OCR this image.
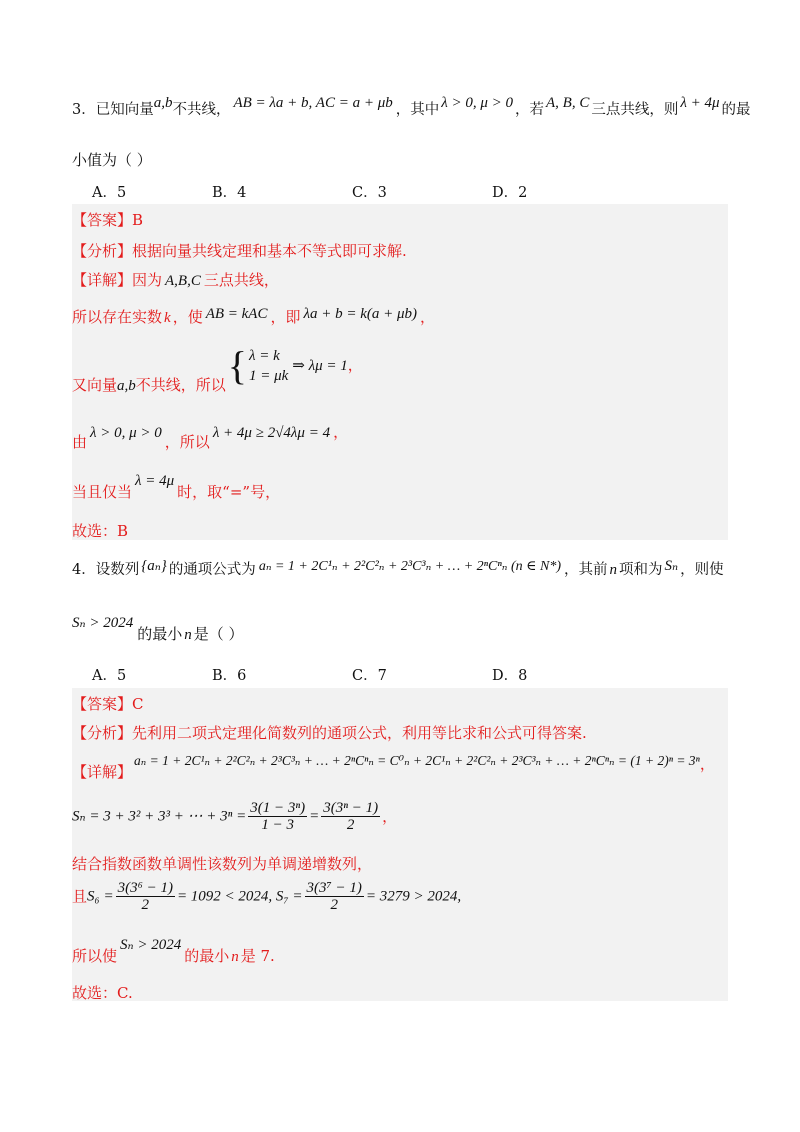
3．已知向量a,b不共线， AB = λa + b, AC = a + μb ，其中 λ > 0, μ > 0 ，若 A, B, C 三点共线，则 λ + 4μ 的最
小值为（ ）
A．5	B．4	C．3	D．2
【答案】B
【分析】根据向量共线定理和基本不等式即可求解.
【详解】因为 A,B,C 三点共线，
所以存在实数 k ，使 AB = kAC ，即 λa + b = k(a + μb) ，
又向量a,b不共线，所以 { λ = k
1 = μk
⇒ λμ = 1，
由 λ > 0, μ > 0 ，所以 λ + 4μ ≥ 2√4λμ = 4 ，
当且仅当λ = 4μ时，取“=”号，
故选：B
4．设数列 {aₙ} 的通项公式为 aₙ = 1 + 2C¹ₙ + 2²C²ₙ + 2³C³ₙ + … + 2ⁿCⁿₙ (n ∈ N*) ，其前 n 项和为 Sₙ ，则使
Sₙ > 2024的最小 n 是（ ）
A．5	B．6	C．7	D．8
【答案】C
【分析】先利用二项式定理化简数列的通项公式，利用等比求和公式可得答案.
【详解】aₙ = 1 + 2C¹ₙ + 2²C²ₙ + 2³C³ₙ + … + 2ⁿCⁿₙ = C⁰ₙ + 2C¹ₙ + 2²C²ₙ + 2³C³ₙ + … + 2ⁿCⁿₙ = (1 + 2)ⁿ = 3ⁿ，
Sₙ = 3 + 3² + 3³ + ⋯ + $3^n = \frac{\text{3(1 − 3ⁿ)}}{1 - 3} = \frac{\text{3(3ⁿ − 1)}}{2}$ ，
结合指数函数单调性该数列为单调递增数列，
且$S_6 = \frac{\text{3(3⁶ − 1)}}{2} = 1092 < 2024$, $S_7 = \frac{\text{3(3⁷ − 1)}}{2} = 3279 > 2024$,
所以使Sₙ > 2024的最小 n 是 7.
故选：C.
